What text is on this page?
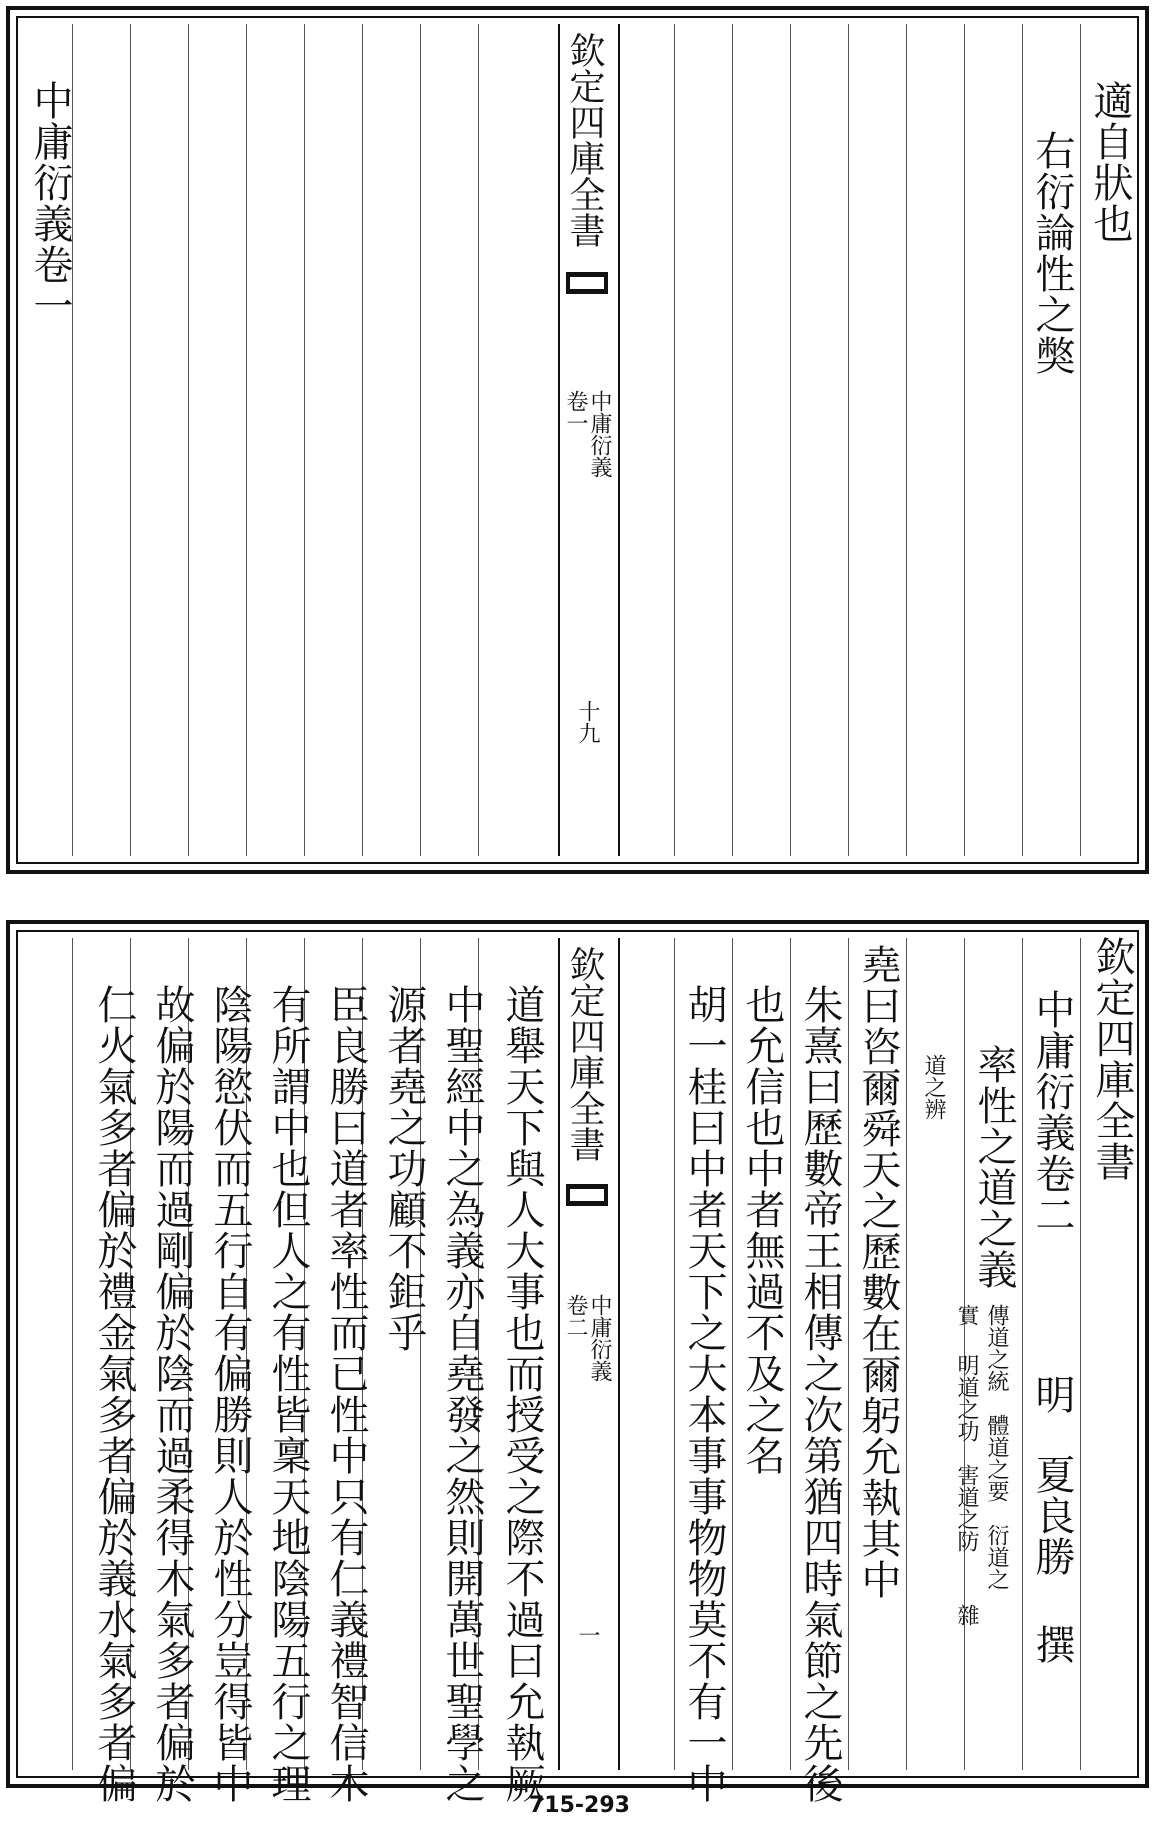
適自狀也
右衍論性之獘
欽定四庫全書
中庸衍義
卷一
十九
中庸衍義卷一
欽定四庫全書
中庸衍義卷二
率性之道之義
傳道之統
實
體道之要
明道之功
衍道之
害道之防
雜
道之辨
明
夏良勝
撰
堯曰咨爾舜天之歷數在爾躬允執其中
朱熹曰歷數帝王相傳之次第猶四時氣節之先後
也允信也中者無過不及之名
胡一桂曰中者天下之大本事事物物莫不有一中
欽定四庫全書
中庸衍義
卷二
一
道舉天下與人大事也而授受之際不過曰允執厥
中聖經中之為義亦自堯發之然則開萬世聖學之
源者堯之功顧不鉅乎
臣良勝曰道者率性而已性中只有仁義禮智信木
有所謂中也但人之有性皆稟天地陰陽五行之理
陰陽慾伏而五行自有偏勝則人於性分豈得皆中
故偏於陽而過剛偏於陰而過柔得木氣多者偏於
仁火氣多者偏於禮金氣多者偏於義水氣多者偏
715-293
